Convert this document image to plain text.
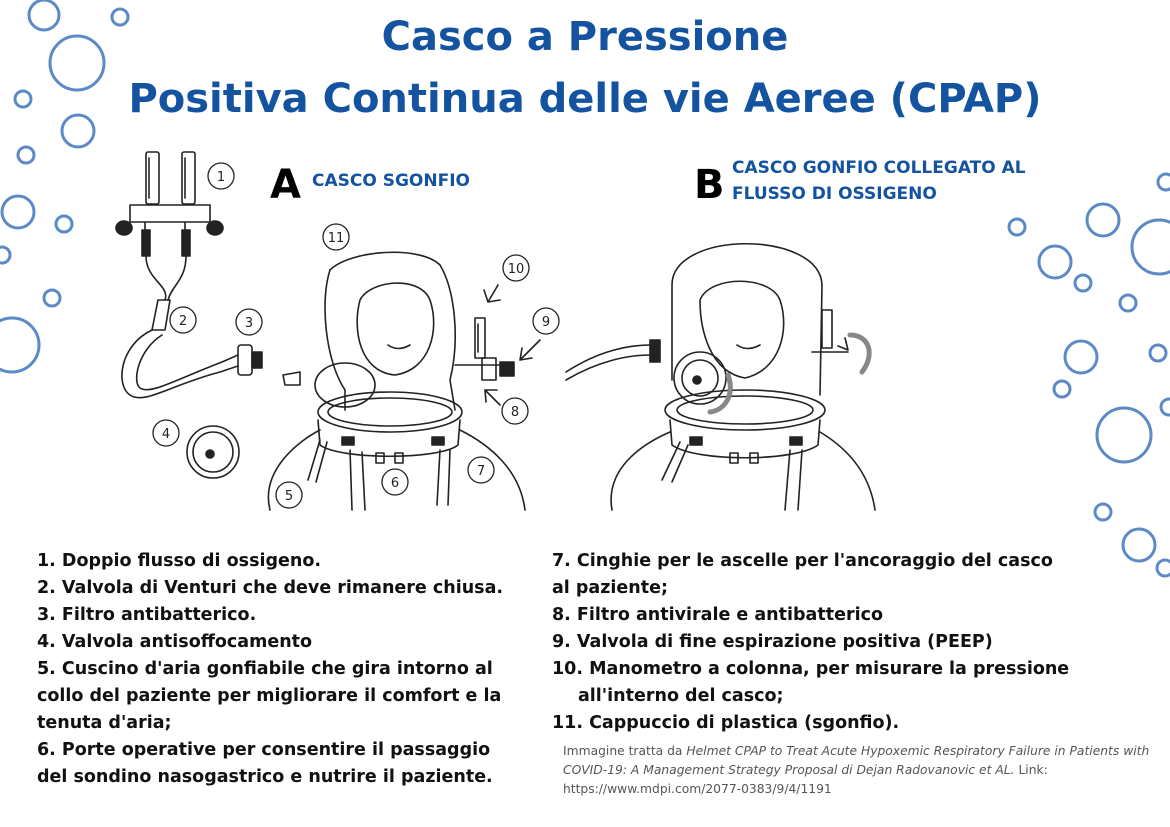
Casco a Pressione
Positiva Continua delle vie Aeree (CPAP)
A CASCO SGONFIO	B CASCO GONFIO COLLEGATO AL
FLUSSO DI OSSIGENO
1
2	3
4
5
6
7
8
9
10
11

1. Doppio flusso di ossigeno.

2. Valvola di Venturi che deve rimanere chiusa.

3. Filtro antibatterico.

4. Valvola antisoffocamento

5. Cuscino d'aria gonfiabile che gira intorno al collo del paziente per migliorare il comfort e la tenuta d'aria;

6. Porte operative per consentire il passaggio del sondino nasogastrico e nutrire il paziente.

7. Cinghie per le ascelle per l'ancoraggio del casco al paziente;

8. Filtro antivirale e antibatterico

9. Valvola di fine espirazione positiva (PEEP)

10. Manometro a colonna, per misurare la pressione
all'interno del casco;

11. Cappuccio di plastica (sgonfio).

Immagine tratta da Helmet CPAP to Treat Acute Hypoxemic Respiratory Failure in Patients with COVID-19: A Management Strategy Proposal di Dejan Radovanovic et AL. Link:
https://www.mdpi.com/2077-0383/9/4/1191
